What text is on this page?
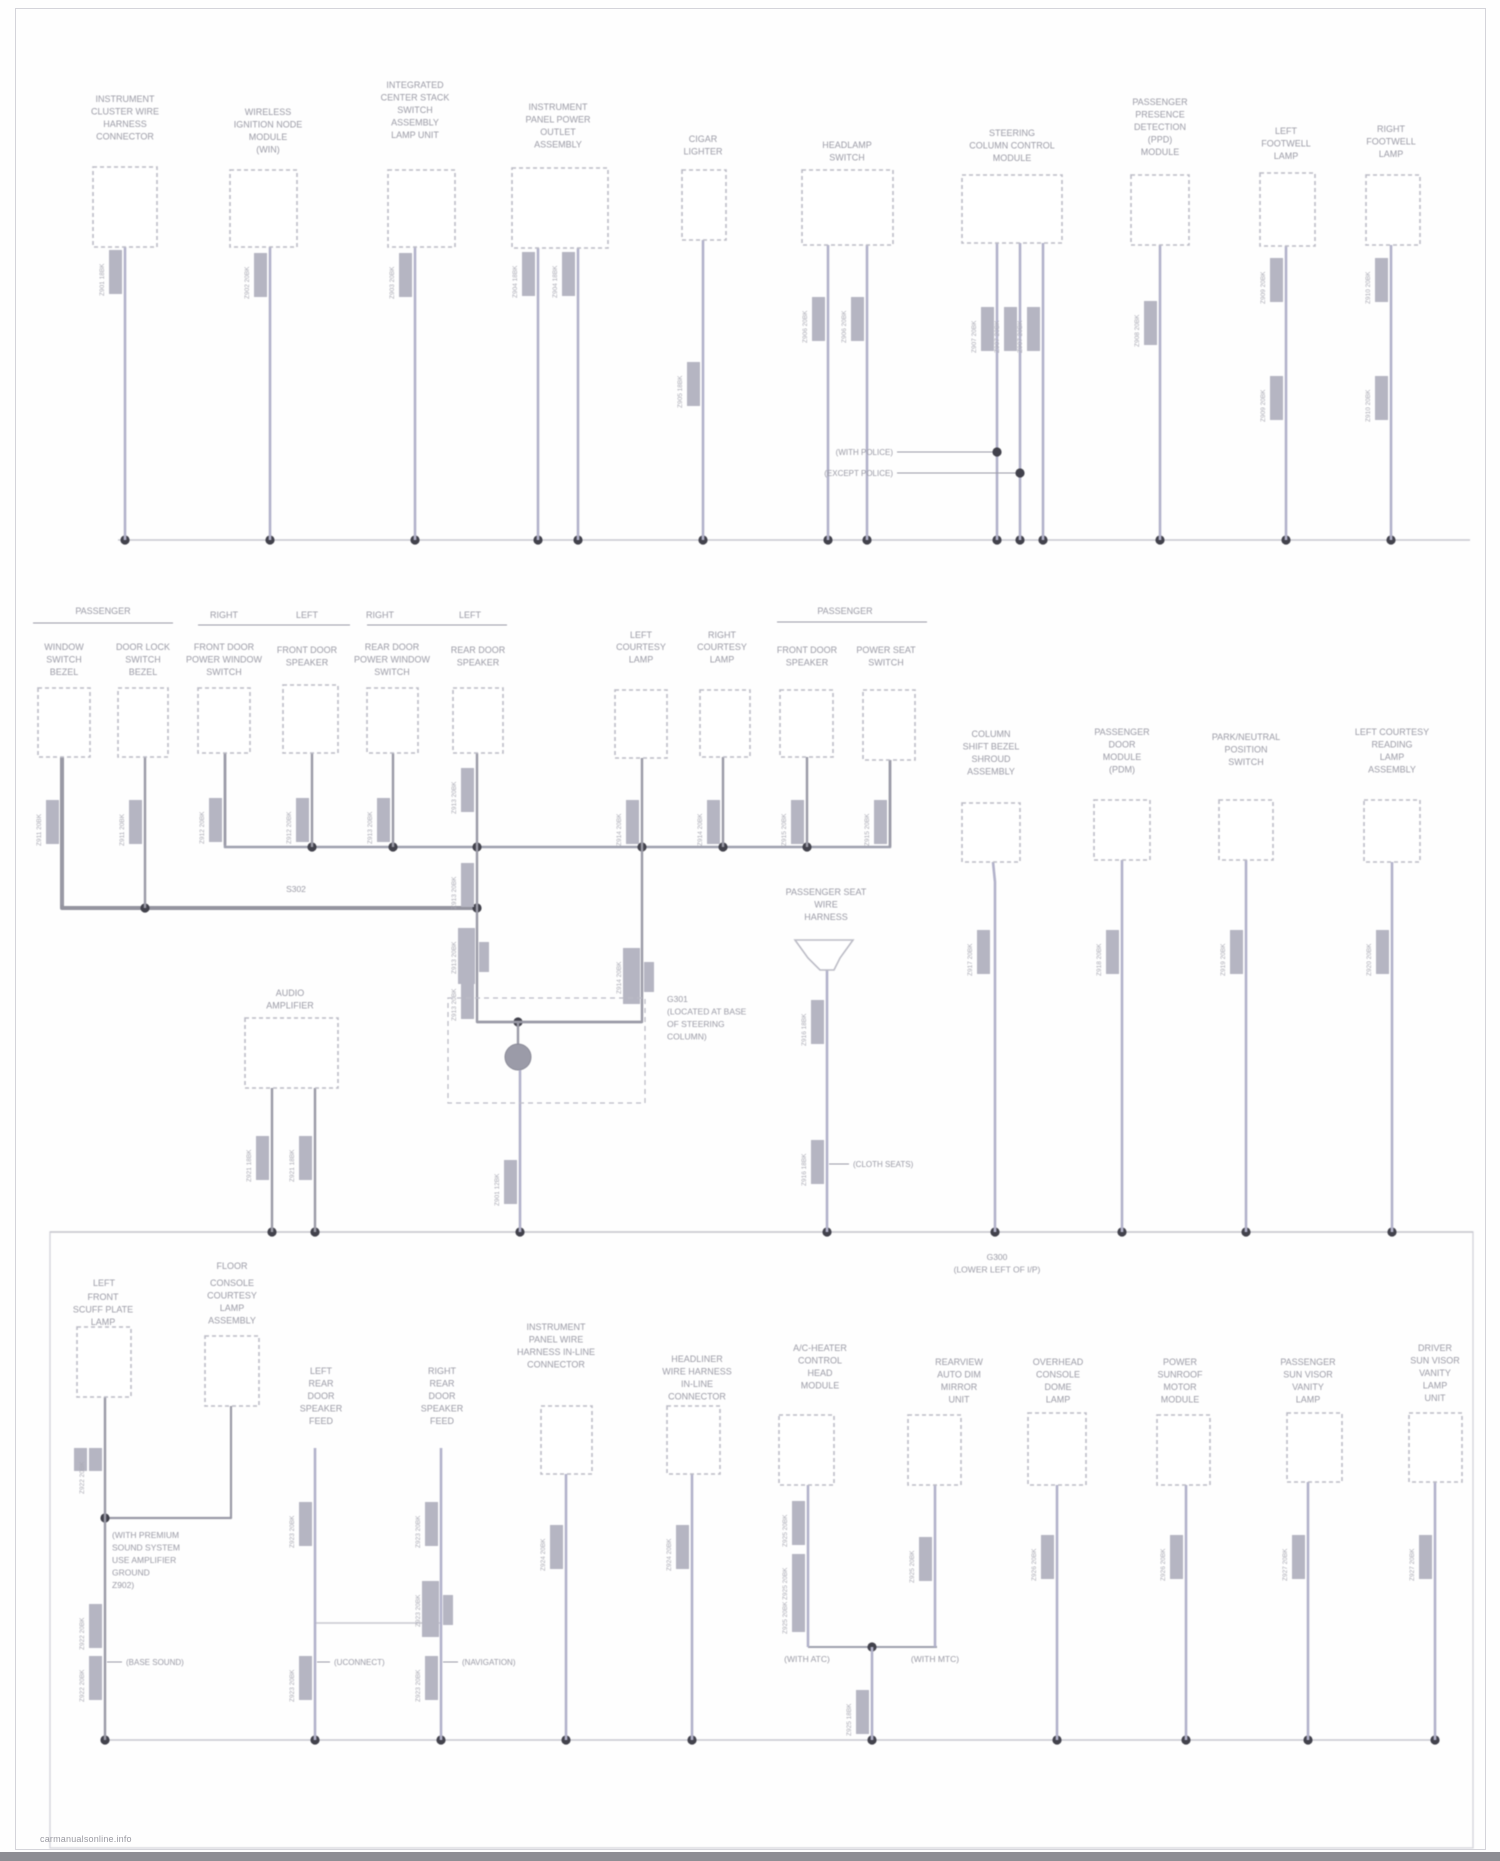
Z901 18BK
INSTRUMENT
CLUSTER WIRE
HARNESS
CONNECTOR
Z902 20BK
WIRELESS
IGNITION NODE
MODULE
(WIN)
Z903 20BK
INTEGRATED
CENTER STACK
SWITCH
ASSEMBLY
LAMP UNIT
Z904 18BK	Z904 18BK
INSTRUMENT
PANEL POWER
OUTLET
ASSEMBLY
Z905 18BK
CIGAR
LIGHTER
Z906 20BK	Z906 20BK
HEADLAMP
SWITCH
Z907 20BK Z907 20BK Z907 20BK
STEERING
COLUMN CONTROL
MODULE
Z908 20BK
PASSENGER
PRESENCE
DETECTION
(PPD)
MODULE
Z909 20BK
Z909 20BK
LEFT
FOOTWELL
LAMP
Z910 20BK
Z910 20BK
RIGHT
FOOTWELL
LAMP
Z911 20BK
PASSENGER
WINDOW
SWITCH
BEZEL
Z911 20BK
DOOR LOCK
SWITCH
BEZEL
Z912 20BK
RIGHT
FRONT DOOR
POWER WINDOW
SWITCH
Z912 20BK
LEFT
FRONT DOOR
SPEAKER
Z913 20BK
RIGHT
REAR DOOR
POWER WINDOW
SWITCH
Z913 20BK
Z913 20BK
Z913 20BK
Z913 20BK
LEFT
REAR DOOR
SPEAKER
Z914 20BK
Z914 20BK
LEFT
COURTESY
LAMP
Z914 20BK
RIGHT
COURTESY
LAMP
Z915 20BK
PASSENGER
FRONT DOOR
SPEAKER
Z915 20BK
POWER SEAT
SWITCH
Z916 18BK
Z916 18BK
PASSENGER SEAT
WIRE
HARNESS
Z917 20BK
COLUMN
SHIFT BEZEL
SHROUD
ASSEMBLY
Z918 20BK
PASSENGER
DOOR
MODULE
(PDM)
Z919 20BK
PARK/NEUTRAL
POSITION
SWITCH
Z920 20BK
LEFT COURTESY
READING
LAMP
ASSEMBLY
Z921 18BK	Z921 18BK
AUDIO
AMPLIFIER
Z922 20BK
Z922 20BK
Z922 20BK
LEFT
FRONT
SCUFF PLATE
LAMP
FLOOR
CONSOLE
COURTESY
LAMP
ASSEMBLY
Z923 20BK
Z923 20BK
LEFT
REAR
DOOR
SPEAKER
FEED
Z923 20BK
Z923 20BK
Z923 20BK
RIGHT
REAR
DOOR
SPEAKER
FEED
Z924 20BK
INSTRUMENT
PANEL WIRE
HARNESS IN-LINE
CONNECTOR
Z924 20BK
HEADLINER
WIRE HARNESS
IN-LINE
CONNECTOR
Z925 20BK
Z925 20BK
Z925 20BK
A/C-HEATER
CONTROL
HEAD
MODULE
Z925 20BK
REARVIEW
AUTO DIM
MIRROR
UNIT
Z925 18BK
Z926 20BK
OVERHEAD
CONSOLE
DOME
LAMP
Z926 20BK
POWER
SUNROOF
MOTOR
MODULE
Z927 20BK
PASSENGER
SUN VISOR
VANITY
LAMP
Z927 20BK
DRIVER
SUN VISOR
VANITY
LAMP
UNIT
Z901 12BK
G301
(LOCATED AT BASE
OF STEERING
COLUMN)
G300
(LOWER LEFT OF I/P)
S302
(WITH PREMIUM
SOUND SYSTEM
USE AMPLIFIER
GROUND
Z902)
(WITH ATC)	(WITH MTC)
(WITH POLICE)
(EXCEPT POLICE)
(CLOTH SEATS)
(BASE SOUND)	(UCONNECT)	(NAVIGATION)
carmanualsonline.info
